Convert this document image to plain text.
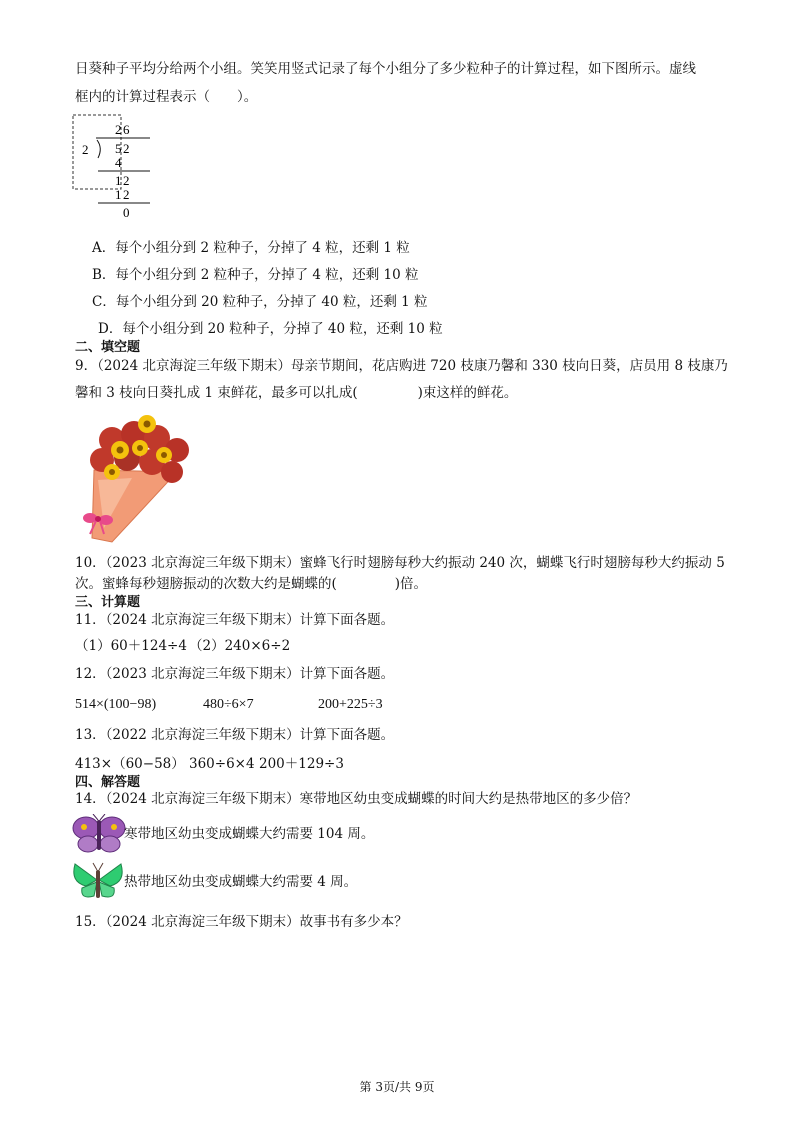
日葵种子平均分给两个小组。笑笑用竖式记录了每个小组分了多少粒种子的计算过程，如下图所示。虚线
框内的计算过程表示（　　）。
2 6
2 5 2
4
1 2
1 2
0
A．每个小组分到 2 粒种子，分掉了 4 粒，还剩 1 粒
B．每个小组分到 2 粒种子，分掉了 4 粒，还剩 10 粒
C．每个小组分到 20 粒种子，分掉了 40 粒，还剩 1 粒
D．每个小组分到 20 粒种子，分掉了 40 粒，还剩 10 粒
二、填空题
9．（2024 北京海淀三年级下期末）母亲节期间，花店购进 720 枝康乃馨和 330 枝向日葵，店员用 8 枝康乃
馨和 3 枝向日葵扎成 1 束鲜花，最多可以扎成(	)束这样的鲜花。
10．（2023 北京海淀三年级下期末）蜜蜂飞行时翅膀每秒大约振动 240 次，蝴蝶飞行时翅膀每秒大约振动 5
次。蜜蜂每秒翅膀振动的次数大约是蝴蝶的(	)倍。
三、计算题
11．（2024 北京海淀三年级下期末）计算下面各题。
（1）60＋124÷4 （2）240×6÷2
12．（2023 北京海淀三年级下期末）计算下面各题。
514×(100−98)	480÷6×7	200+225÷3
13．（2022 北京海淀三年级下期末）计算下面各题。
413×（60−58） 360÷6×4 200＋129÷3
四、解答题
14．（2024 北京海淀三年级下期末）寒带地区幼虫变成蝴蝶的时间大约是热带地区的多少倍？
寒带地区幼虫变成蝴蝶大约需要 104 周。
热带地区幼虫变成蝴蝶大约需要 4 周。
15．（2024 北京海淀三年级下期末）故事书有多少本？
第 3页/共 9页
